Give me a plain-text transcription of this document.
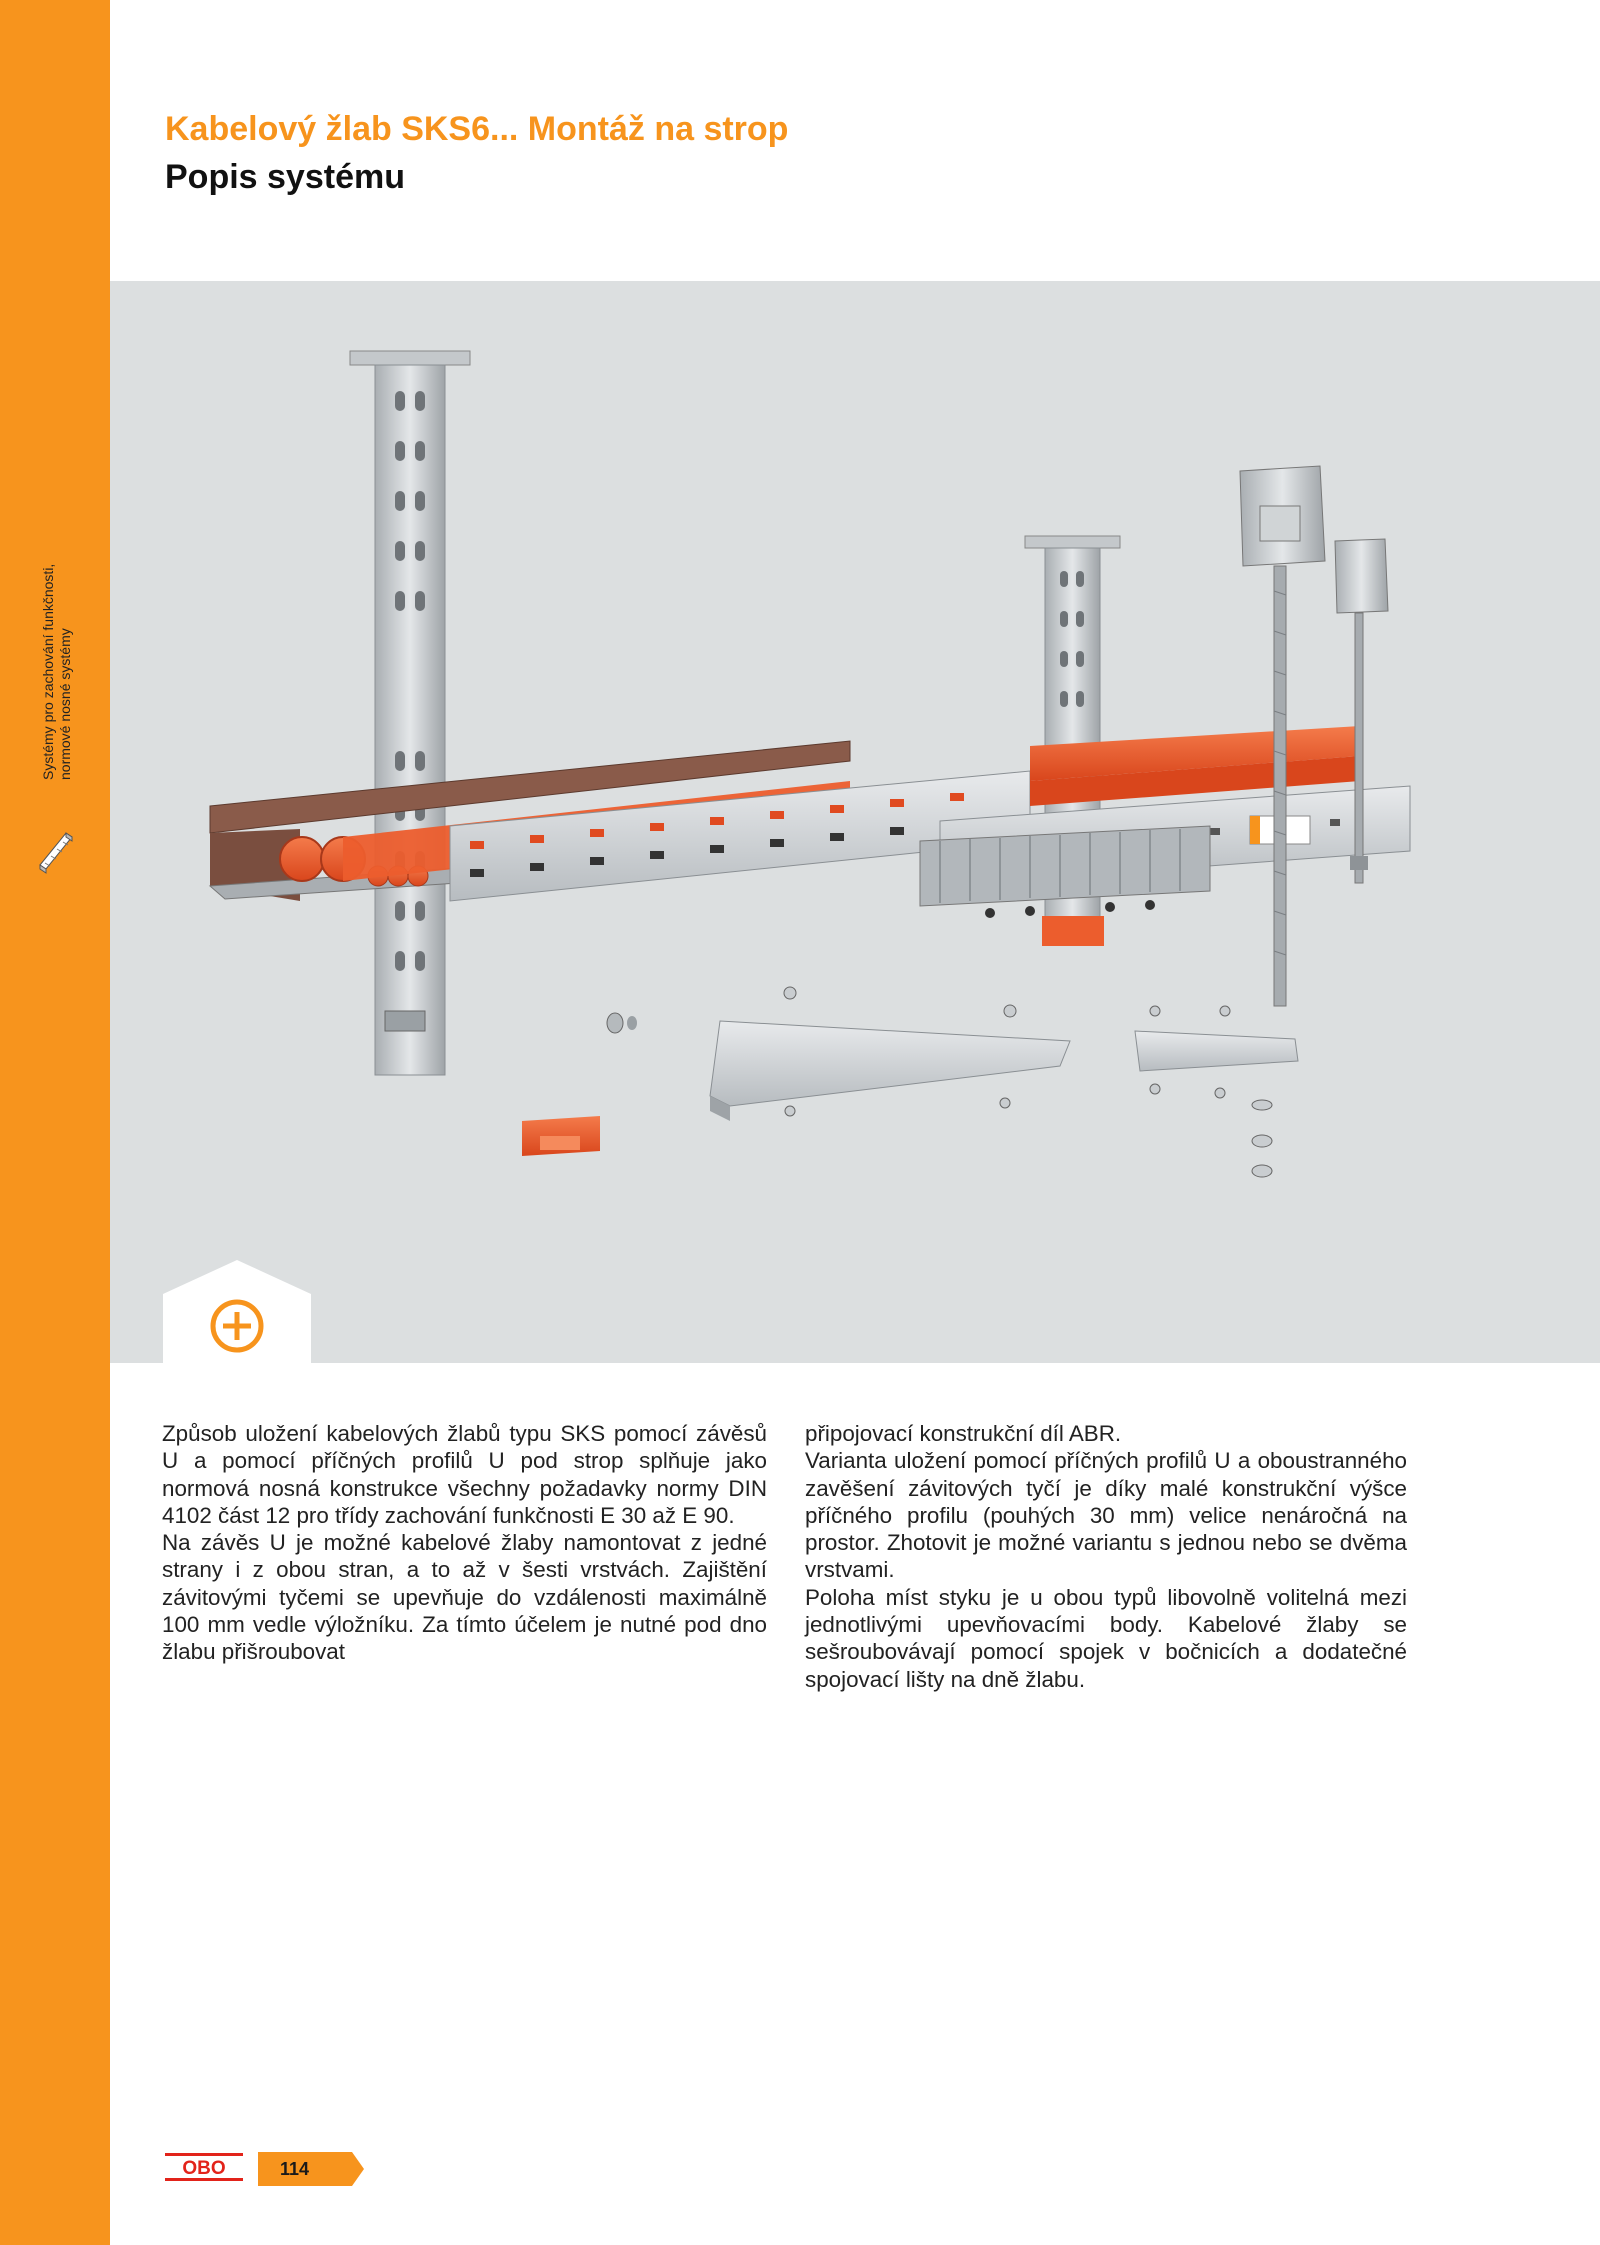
Systémy pro zachování funkčnosti, normové nosné systémy
Kabelový žlab SKS6... Montáž na strop
Popis systému

Způsob uložení kabelových žlabů typu SKS pomocí závěsů U a pomocí příčných profilů U pod strop splňuje jako normová nosná konstrukce všechny požadavky normy DIN 4102 část 12 pro třídy zachování funkčnosti E 30 až E 90.

Na závěs U je možné kabelové žlaby namontovat z jedné strany i z obou stran, a to až v šesti vrstvách. Zajištění závitovými tyčemi se upevňuje do vzdálenosti maximálně 100 mm vedle výložníku. Za tímto účelem je nutné pod dno žlabu přišroubovat

připojovací konstrukční díl ABR.

Varianta uložení pomocí příčných profilů U a oboustranného zavěšení závitových tyčí je díky malé konstrukční výšce příčného profilu (pouhých 30 mm) velice nenáročná na prostor. Zhotovit je možné variantu s jednou nebo se dvěma vrstvami.

Poloha míst styku je u obou typů libovolně volitelná mezi jednotlivými upevňovacími body. Kabelové žlaby se sešroubovávají pomocí spojek v bočnicích a dodatečné spojovací lišty na dně žlabu.

OBO	114
